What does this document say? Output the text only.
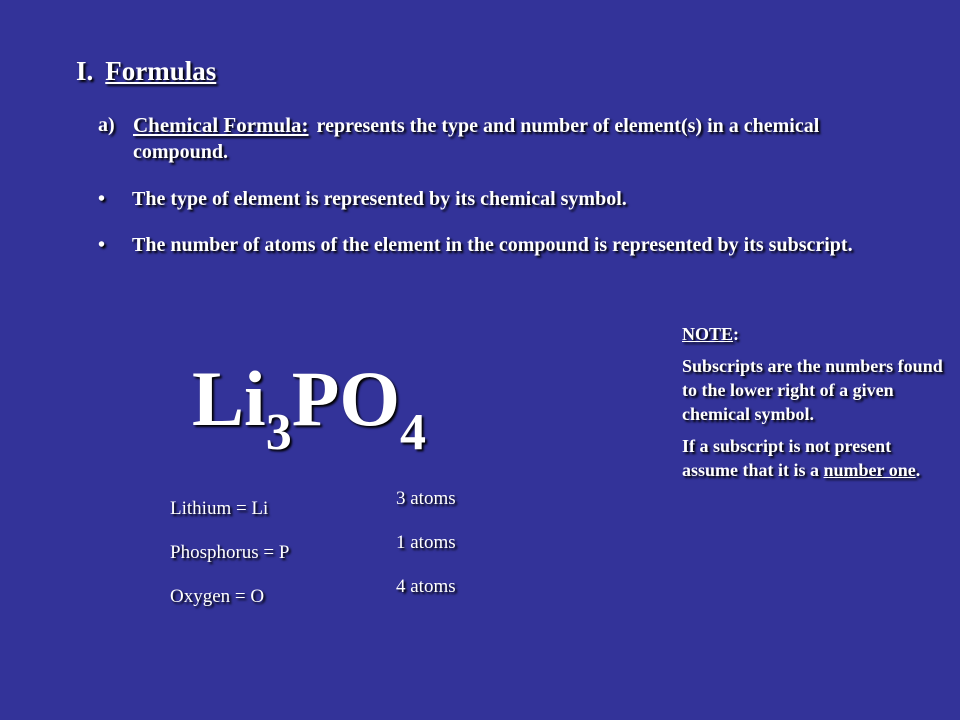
I. Formulas
a) Chemical Formula: represents the type and number of element(s) in a chemical compound.
•	The type of element is represented by its chemical symbol.
•	The number of atoms of the element in the compound is represented by its subscript.
$Li_3PO_4$
Lithium = Li
Phosphorus = P
Oxygen = O
3 atoms
1 atoms
4 atoms

NOTE:

Subscripts are the numbers found to the lower right of a given chemical symbol.

If a subscript is not present assume that it is a number one.
